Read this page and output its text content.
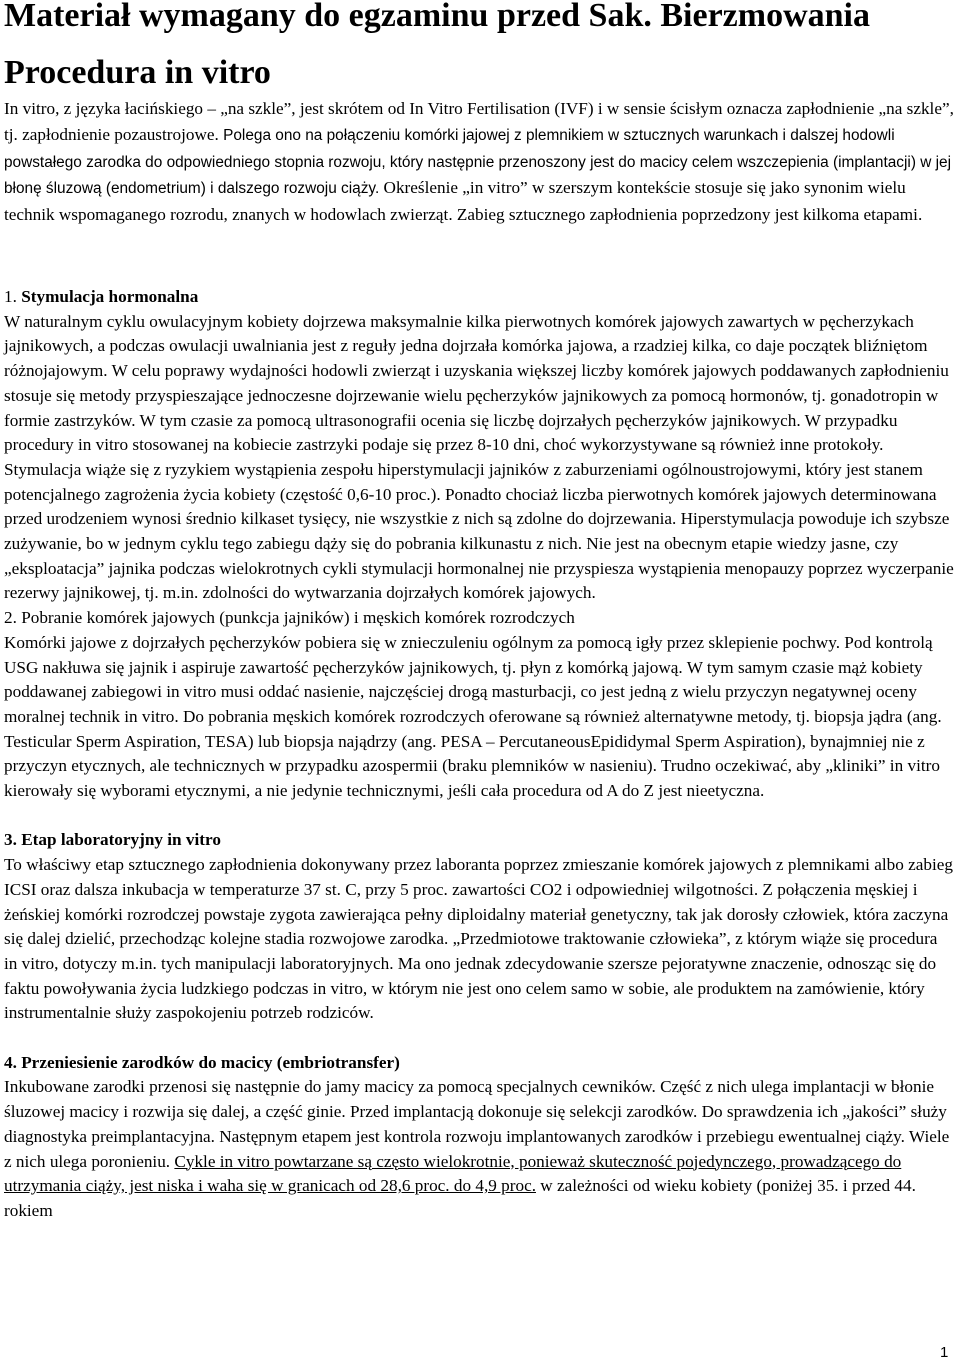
Materiał wymagany do egzaminu przed Sak. Bierzmowania
Procedura in vitro

In vitro, z języka łacińskiego – „na szkle”, jest skrótem od In Vitro Fertilisation (IVF) i w sensie ścisłym oznacza zapłodnienie „na szkle”, tj. zapłodnienie pozaustrojowe. Polega ono na połączeniu komórki jajowej z plemnikiem w sztucznych warunkach i dalszej hodowli powstałego zarodka do odpowiedniego stopnia rozwoju, który następnie przenoszony jest do macicy celem wszczepienia (implantacji) w jej błonę śluzową (endometrium) i dalszego rozwoju ciąży. Określenie „in vitro” w szerszym kontekście stosuje się jako synonim wielu technik wspomaganego rozrodu, znanych w hodowlach zwierząt. Zabieg sztucznego zapłodnienia poprzedzony jest kilkoma etapami.

1. Stymulacja hormonalna

W naturalnym cyklu owulacyjnym kobiety dojrzewa maksymalnie kilka pierwotnych komórek jajowych zawartych w pęcherzykach jajnikowych, a podczas owulacji uwalniania jest z reguły jedna dojrzała komórka jajowa, a rzadziej kilka, co daje początek bliźniętom różnojajowym. W celu poprawy wydajności hodowli zwierząt i uzyskania większej liczby komórek jajowych poddawanych zapłodnieniu stosuje się metody przyspieszające jednoczesne dojrzewanie wielu pęcherzyków jajnikowych za pomocą hormonów, tj. gonadotropin w formie zastrzyków. W tym czasie za pomocą ultrasonografii ocenia się liczbę dojrzałych pęcherzyków jajnikowych. W przypadku procedury in vitro stosowanej na kobiecie zastrzyki podaje się przez 8-10 dni, choć wykorzystywane są również inne protokoły. Stymulacja wiąże się z ryzykiem wystąpienia zespołu hiperstymulacji jajników z zaburzeniami ogólnoustrojowymi, który jest stanem potencjalnego zagrożenia życia kobiety (częstość 0,6-10 proc.). Ponadto chociaż liczba pierwotnych komórek jajowych determinowana przed urodzeniem wynosi średnio kilkaset tysięcy, nie wszystkie z nich są zdolne do dojrzewania. Hiperstymulacja powoduje ich szybsze zużywanie, bo w jednym cyklu tego zabiegu dąży się do pobrania kilkunastu z nich. Nie jest na obecnym etapie wiedzy jasne, czy „eksploatacja” jajnika podczas wielokrotnych cykli stymulacji hormonalnej nie przyspiesza wystąpienia menopauzy poprzez wyczerpanie rezerwy jajnikowej, tj. m.in. zdolności do wytwarzania dojrzałych komórek jajowych.

2. Pobranie komórek jajowych (punkcja jajników) i męskich komórek rozrodczych

Komórki jajowe z dojrzałych pęcherzyków pobiera się w znieczuleniu ogólnym za pomocą igły przez sklepienie pochwy. Pod kontrolą USG nakłuwa się jajnik i aspiruje zawartość pęcherzyków jajnikowych, tj. płyn z komórką jajową. W tym samym czasie mąż kobiety poddawanej zabiegowi in vitro musi oddać nasienie, najczęściej drogą masturbacji, co jest jedną z wielu przyczyn negatywnej oceny moralnej technik in vitro. Do pobrania męskich komórek rozrodczych oferowane są również alternatywne metody, tj. biopsja jądra (ang. Testicular Sperm Aspiration, TESA) lub biopsja najądrzy (ang. PESA – PercutaneousEpididymal Sperm Aspiration), bynajmniej nie z przyczyn etycznych, ale technicznych w przypadku azospermii (braku plemników w nasieniu). Trudno oczekiwać, aby „kliniki” in vitro kierowały się wyborami etycznymi, a nie jedynie technicznymi, jeśli cała procedura od A do Z jest nieetyczna.

3. Etap laboratoryjny in vitro

To właściwy etap sztucznego zapłodnienia dokonywany przez laboranta poprzez zmieszanie komórek jajowych z plemnikami albo zabieg ICSI oraz dalsza inkubacja w temperaturze 37 st. C, przy 5 proc. zawartości CO2 i odpowiedniej wilgotności. Z połączenia męskiej i żeńskiej komórki rozrodczej powstaje zygota zawierająca pełny diploidalny materiał genetyczny, tak jak dorosły człowiek, która zaczyna się dalej dzielić, przechodząc kolejne stadia rozwojowe zarodka. „Przedmiotowe traktowanie człowieka”, z którym wiąże się procedura in vitro, dotyczy m.in. tych manipulacji laboratoryjnych. Ma ono jednak zdecydowanie szersze pejoratywne znaczenie, odnosząc się do faktu powoływania życia ludzkiego podczas in vitro, w którym nie jest ono celem samo w sobie, ale produktem na zamówienie, który instrumentalnie służy zaspokojeniu potrzeb rodziców.

4. Przeniesienie zarodków do macicy (embriotransfer)

Inkubowane zarodki przenosi się następnie do jamy macicy za pomocą specjalnych cewników. Część z nich ulega implantacji w błonie śluzowej macicy i rozwija się dalej, a część ginie. Przed implantacją dokonuje się selekcji zarodków. Do sprawdzenia ich „jakości” służy diagnostyka preimplantacyjna. Następnym etapem jest kontrola rozwoju implantowanych zarodków i przebiegu ewentualnej ciąży. Wiele z nich ulega poronieniu. Cykle in vitro powtarzane są często wielokrotnie, ponieważ skuteczność pojedynczego, prowadzącego do utrzymania ciąży, jest niska i waha się w granicach od 28,6 proc. do 4,9 proc. w zależności od wieku kobiety (poniżej 35. i przed 44. rokiem

1
